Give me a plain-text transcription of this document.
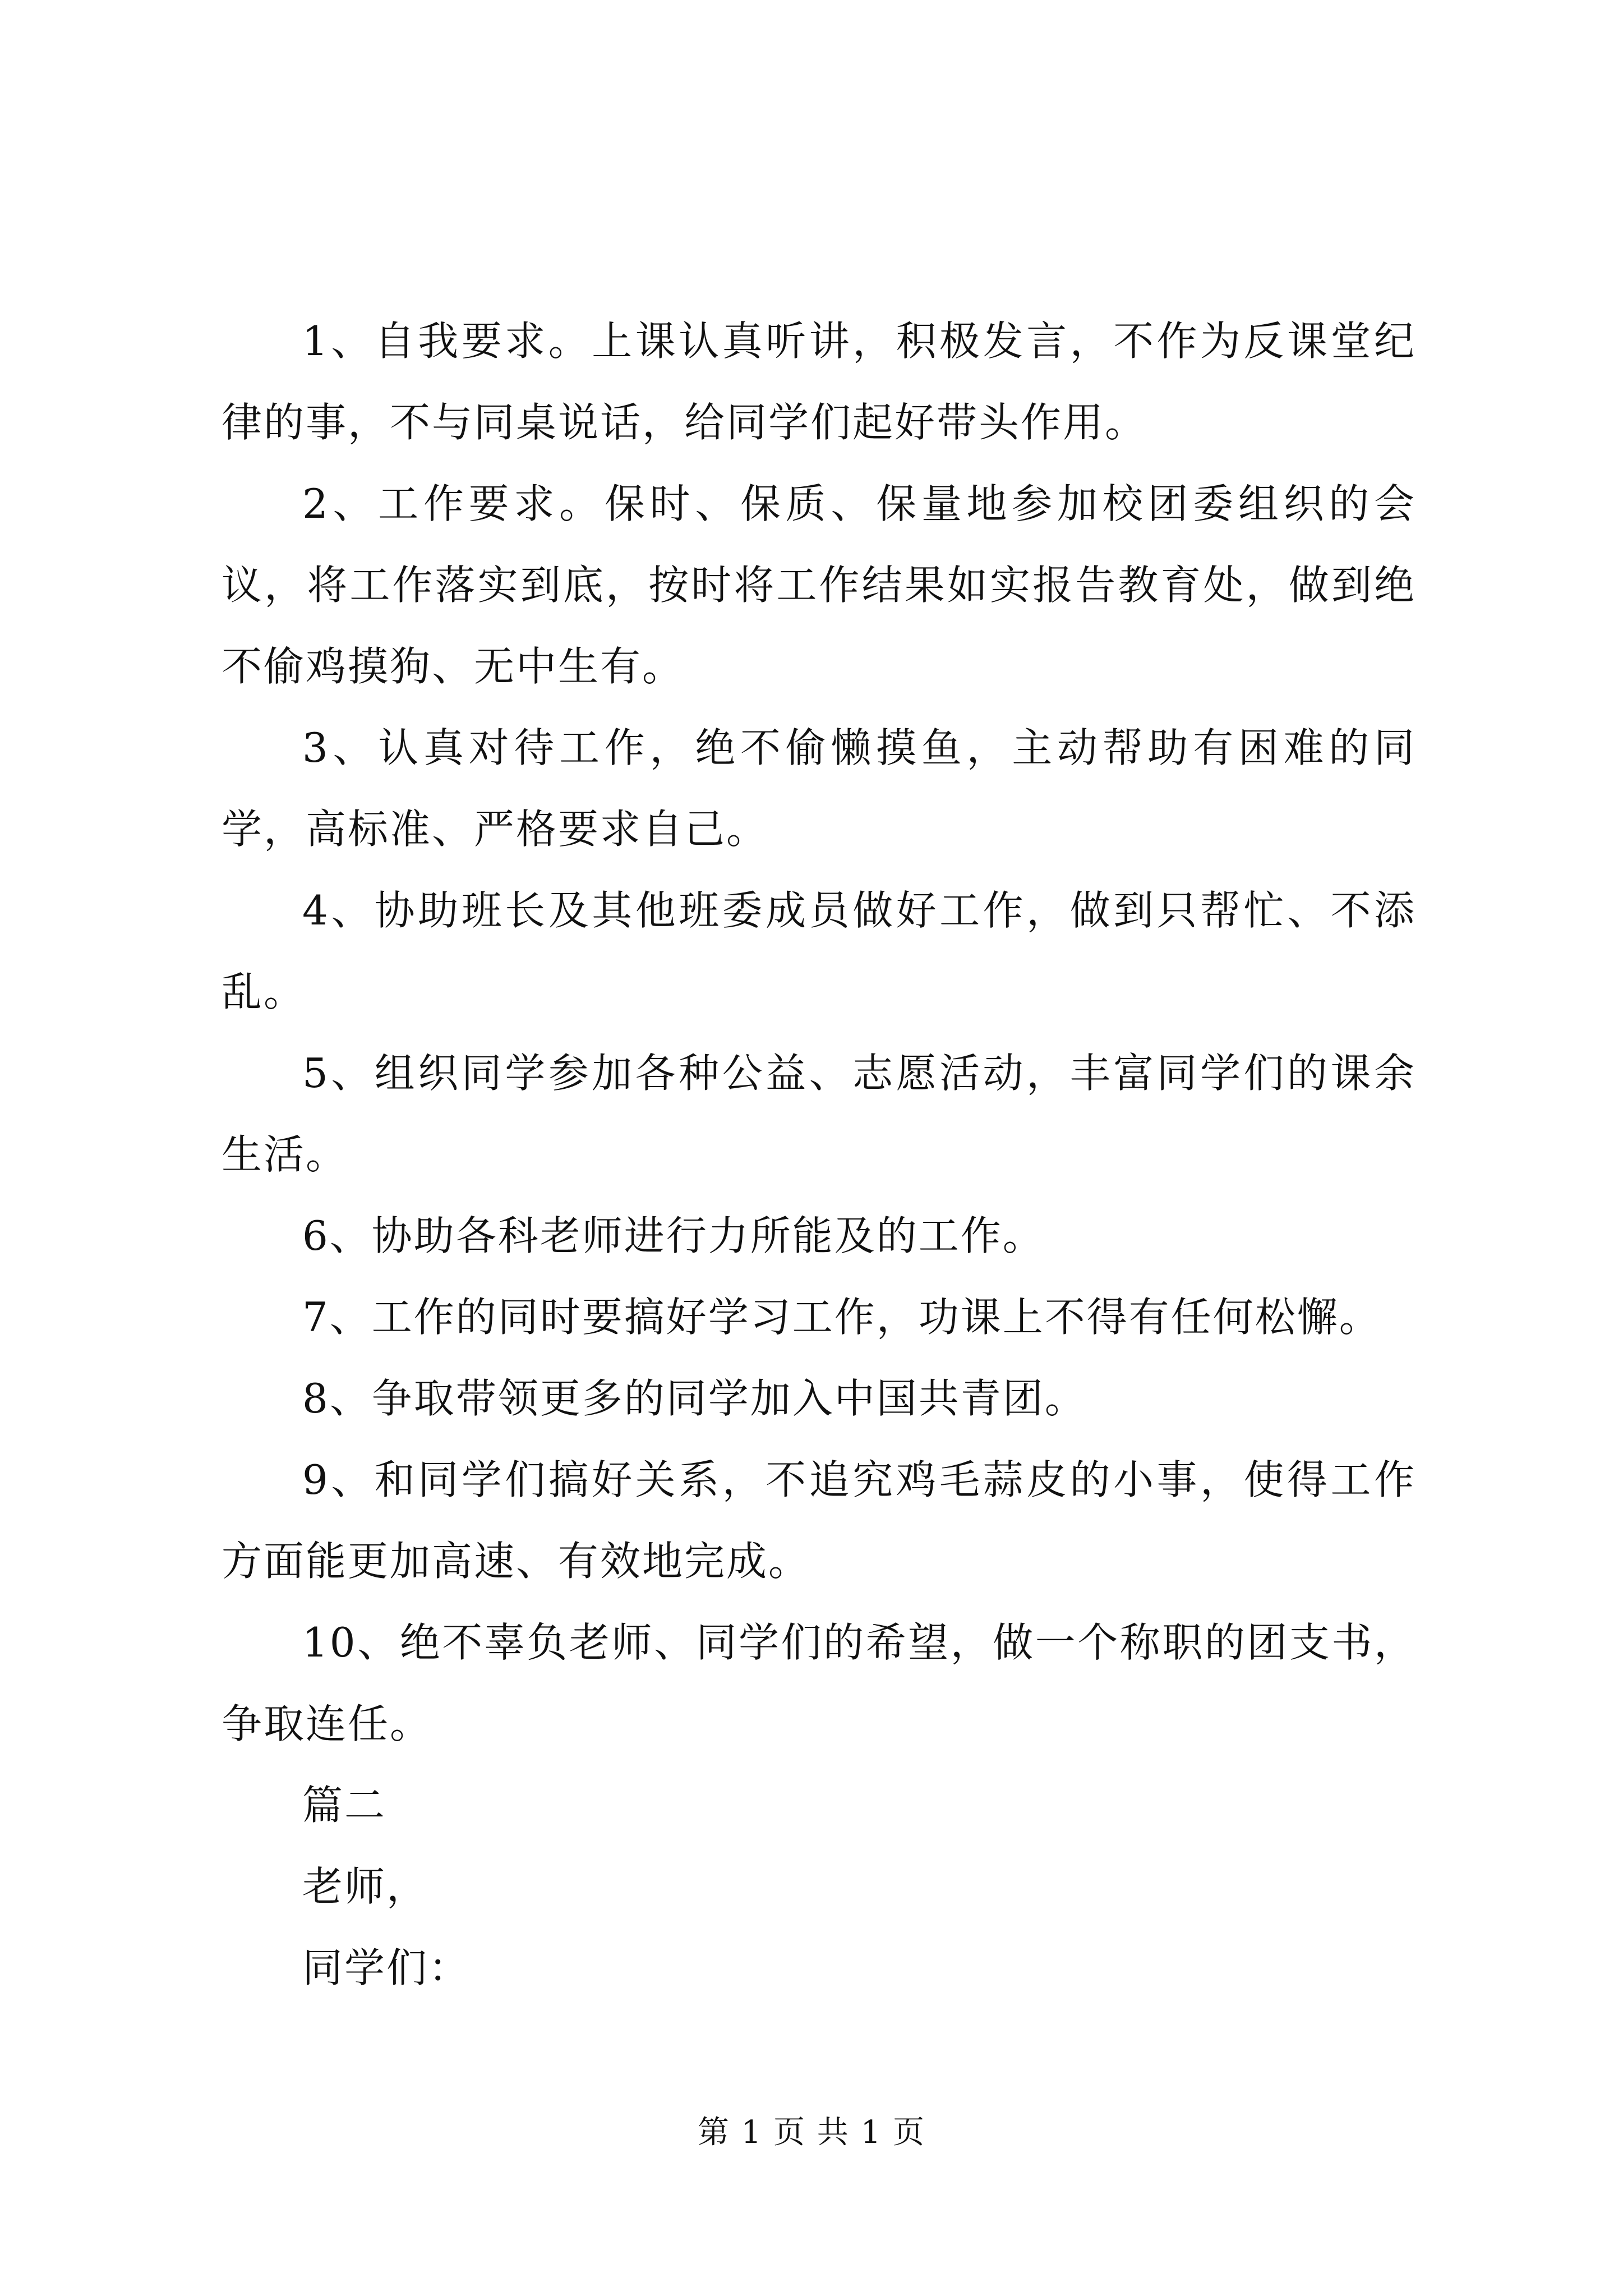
1、自我要求。上课认真听讲，积极发言，不作为反课堂纪律的事，不与同桌说话，给同学们起好带头作用。

2、工作要求。保时、保质、保量地参加校团委组织的会议，将工作落实到底，按时将工作结果如实报告教育处，做到绝不偷鸡摸狗、无中生有。

3、认真对待工作，绝不偷懒摸鱼，主动帮助有困难的同学，高标准、严格要求自己。

4、协助班长及其他班委成员做好工作，做到只帮忙、不添乱。

5、组织同学参加各种公益、志愿活动，丰富同学们的课余生活。

6、协助各科老师进行力所能及的工作。

7、工作的同时要搞好学习工作，功课上不得有任何松懈。

8、争取带领更多的同学加入中国共青团。

9、和同学们搞好关系，不追究鸡毛蒜皮的小事，使得工作方面能更加高速、有效地完成。

10、绝不辜负老师、同学们的希望，做一个称职的团支书，争取连任。

篇二

老师，

同学们：

第 1 页 共 1 页
